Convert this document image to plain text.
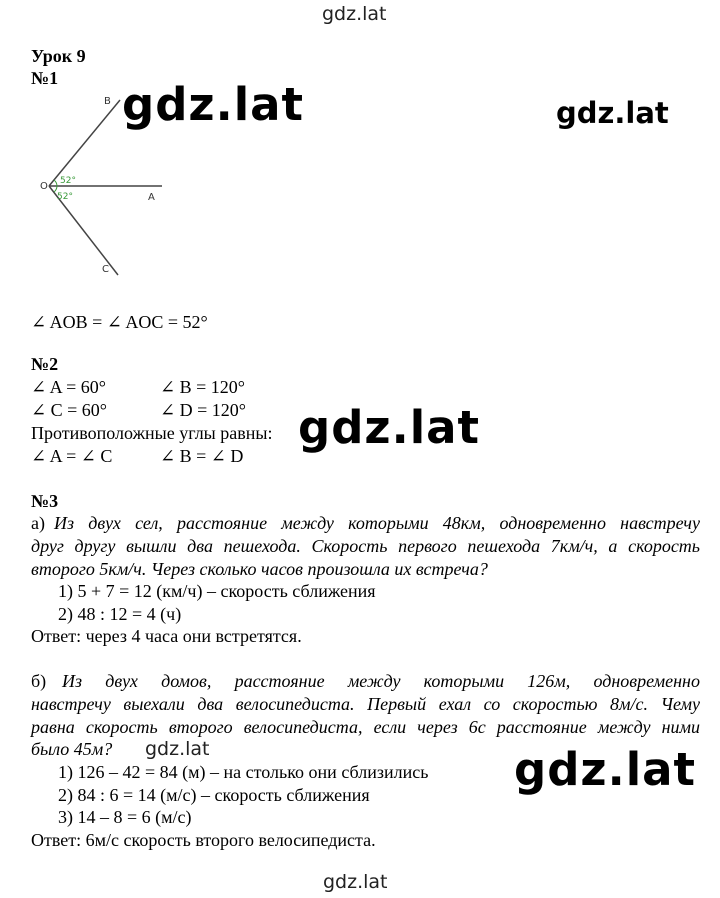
gdz.lat
gdz.lat	gdz.lat
gdz.lat
gdz.lat	gdz.lat
gdz.lat
Урок 9
№1
B
O
A
C
52°
52°
∠ AOB = ∠ AOC = 52°
№2
∠ A = 60°	∠ B = 120°
∠ C = 60°	∠ D = 120°
Противоположные углы равны:
∠ A = ∠ C	∠ B = ∠ D
№3
а) Из двух сел, расстояние между которыми 48км, одновременно навстречу
друг другу вышли два пешехода. Скорость первого пешехода 7км/ч, а скорость
второго 5км/ч. Через сколько часов произошла их встреча?
1) 5 + 7 = 12 (км/ч) – скорость сближения
2) 48 : 12 = 4 (ч)
Ответ: через 4 часа они встретятся.
б) Из двух домов, расстояние между которыми 126м, одновременно
навстречу выехали два велосипедиста. Первый ехал со скоростью 8м/с. Чему
равна скорость второго велосипедиста, если через 6с расстояние между ними
было 45м?
1) 126 – 42 = 84 (м) – на столько они сблизились
2) 84 : 6 = 14 (м/с) – скорость сближения
3) 14 – 8 = 6 (м/с)
Ответ: 6м/с скорость второго велосипедиста.
